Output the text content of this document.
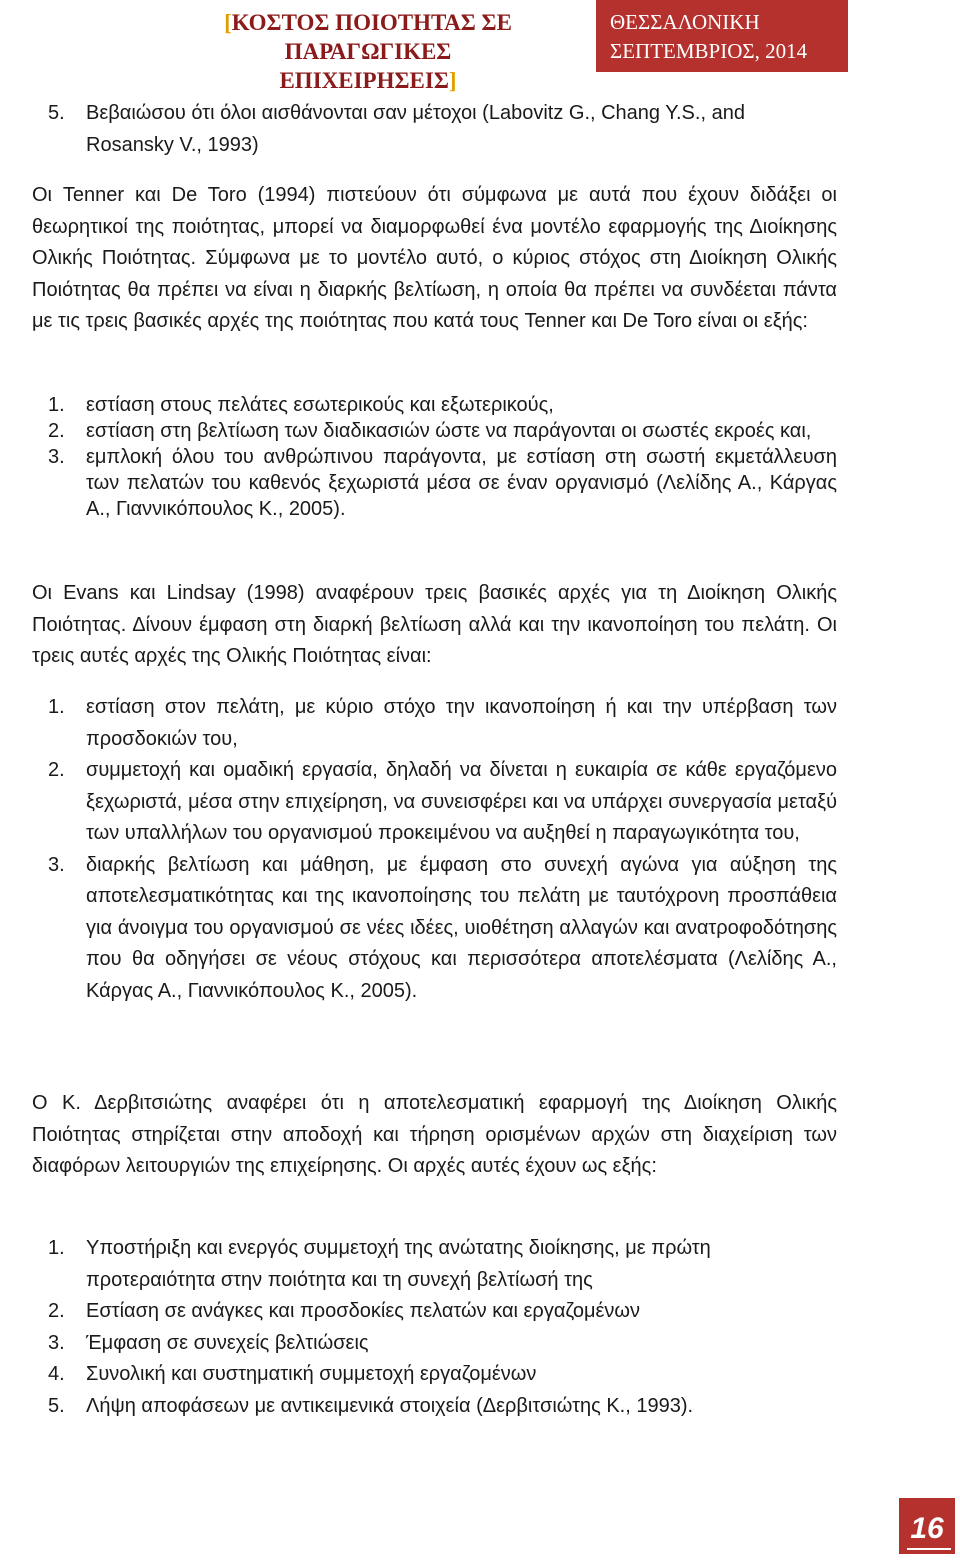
[ΚΟΣΤΟΣ ΠΟΙΟΤΗΤΑΣ ΣΕ ΠΑΡΑΓΩΓΙΚΕΣ
ΕΠΙΧΕΙΡΗΣΕΙΣ]
ΘΕΣΣΑΛΟΝΙΚΗ
ΣΕΠΤΕΜΒΡΙΟΣ, 2014
5. Βεβαιώσου ότι όλοι αισθάνονται σαν μέτοχοι (Labovitz G., Chang Y.S., and Rosansky V., 1993)
Οι Tenner και De Toro (1994) πιστεύουν ότι σύμφωνα με αυτά που έχουν διδάξει οι θεωρητικοί της ποιότητας, μπορεί να διαμορφωθεί ένα μοντέλο εφαρμογής της Διοίκησης Ολικής Ποιότητας. Σύμφωνα με το μοντέλο αυτό, ο κύριος στόχος στη Διοίκηση Ολικής Ποιότητας θα πρέπει να είναι η διαρκής βελτίωση, η οποία θα πρέπει να συνδέεται πάντα με τις τρεις βασικές αρχές της ποιότητας που κατά τους Tenner και De Toro είναι οι εξής:
1. εστίαση στους πελάτες εσωτερικούς και εξωτερικούς,
2. εστίαση στη βελτίωση των διαδικασιών ώστε να παράγονται οι σωστές εκροές και,
3. εμπλοκή όλου του ανθρώπινου παράγοντα, με εστίαση στη σωστή εκμετάλλευση των πελατών του καθενός ξεχωριστά μέσα σε έναν οργανισμό (Λελίδης Α., Κάργας Α., Γιαννικόπουλος Κ., 2005).
Οι Evans και Lindsay (1998) αναφέρουν τρεις βασικές αρχές για τη Διοίκηση Ολικής Ποιότητας. Δίνουν έμφαση στη διαρκή βελτίωση αλλά και την ικανοποίηση του πελάτη. Οι τρεις αυτές αρχές της Ολικής Ποιότητας είναι:
1. εστίαση στον πελάτη, με κύριο στόχο την ικανοποίηση ή και την υπέρβαση των προσδοκιών του,
2. συμμετοχή και ομαδική εργασία, δηλαδή να δίνεται η ευκαιρία σε κάθε εργαζόμενο ξεχωριστά, μέσα στην επιχείρηση, να συνεισφέρει και να υπάρχει συνεργασία μεταξύ των υπαλλήλων του οργανισμού προκειμένου να αυξηθεί η παραγωγικότητα του,
3. διαρκής βελτίωση και μάθηση, με έμφαση στο συνεχή αγώνα για αύξηση της αποτελεσματικότητας και της ικανοποίησης του πελάτη με ταυτόχρονη προσπάθεια για άνοιγμα του οργανισμού σε νέες ιδέες, υιοθέτηση αλλαγών και ανατροφοδότησης που θα οδηγήσει σε νέους στόχους και περισσότερα αποτελέσματα (Λελίδης Α., Κάργας Α., Γιαννικόπουλος Κ., 2005).
Ο Κ. Δερβιτσιώτης αναφέρει ότι η αποτελεσματική εφαρμογή της Διοίκηση Ολικής Ποιότητας στηρίζεται στην αποδοχή και τήρηση ορισμένων αρχών στη διαχείριση των διαφόρων λειτουργιών της επιχείρησης. Οι αρχές αυτές έχουν ως εξής:
1. Υποστήριξη και ενεργός συμμετοχή της ανώτατης διοίκησης, με πρώτη προτεραιότητα στην ποιότητα και τη συνεχή βελτίωσή της
2. Εστίαση σε ανάγκες και προσδοκίες πελατών και εργαζομένων
3. Έμφαση σε συνεχείς βελτιώσεις
4. Συνολική και συστηματική συμμετοχή εργαζομένων
5. Λήψη αποφάσεων με αντικειμενικά στοιχεία (Δερβιτσιώτης Κ., 1993).
16
